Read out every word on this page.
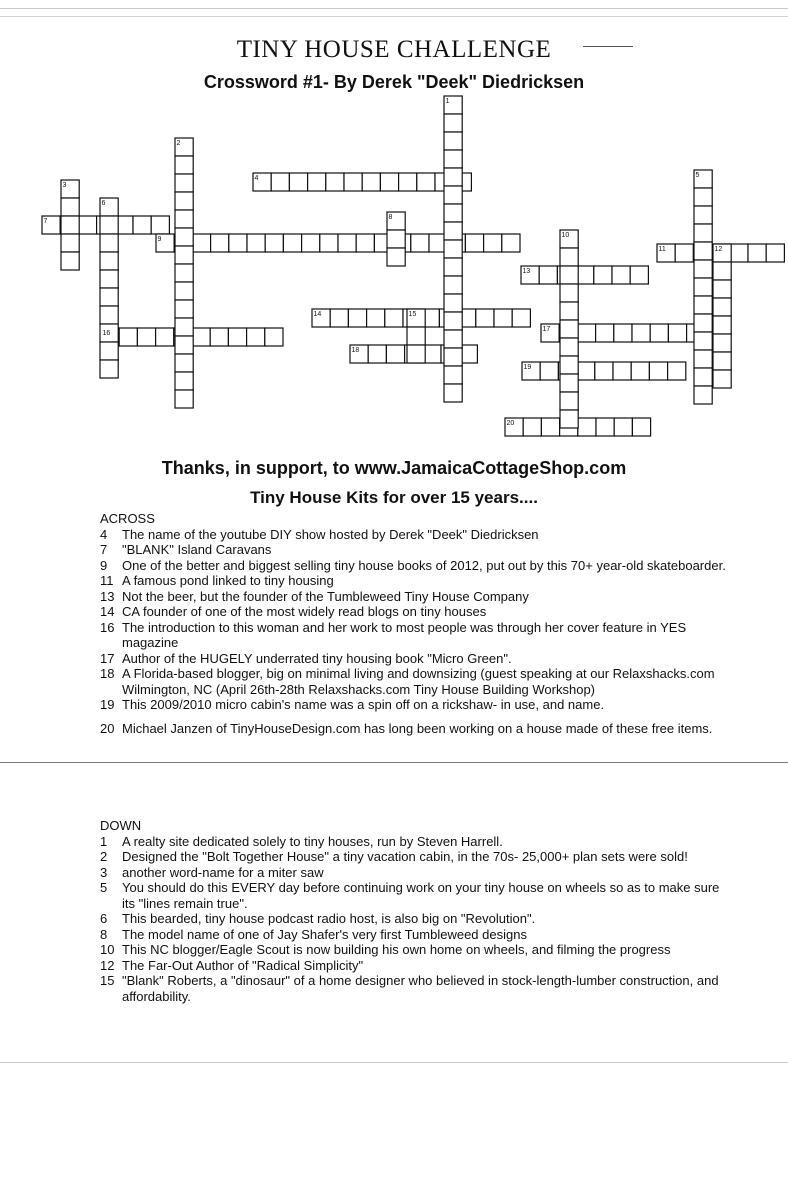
TINY HOUSE CHALLENGE
Crossword #1- By Derek "Deek" Diedricksen
4
7
9
11
13
14
16
17
18
19
20
1
2
3
5
6
8
10
12
15
Thanks, in support, to www.JamaicaCottageShop.com
Tiny House Kits for over 15 years....
ACROSS
4	The name of the youtube DIY show hosted by Derek "Deek" Diedricksen
7	"BLANK" Island Caravans
9	One of the better and biggest selling tiny house books of 2012, put out by this 70+ year-old skateboarder.
11 A famous pond linked to tiny housing
13 Not the beer, but the founder of the Tumbleweed Tiny House Company
14 CA founder of one of the most widely read blogs on tiny houses
16 The introduction to this woman and her work to most people was through her cover feature in YES magazine
17 Author of the HUGELY underrated tiny housing book "Micro Green".
18 A Florida-based blogger, big on minimal living and downsizing (guest speaking at our Relaxshacks.com Wilmington, NC (April 26th-28th Relaxshacks.com Tiny House Building Workshop)
19 This 2009/2010 micro cabin's name was a spin off on a rickshaw- in use, and name.
20 Michael Janzen of TinyHouseDesign.com has long been working on a house made of these free items.
DOWN
1	A realty site dedicated solely to tiny houses, run by Steven Harrell.
2	Designed the "Bolt Together House" a tiny vacation cabin, in the 70s- 25,000+ plan sets were sold!
3	another word-name for a miter saw
5	You should do this EVERY day before continuing work on your tiny house on wheels so as to make sure its "lines remain true".
6	This bearded, tiny house podcast radio host, is also big on "Revolution".
8	The model name of one of Jay Shafer's very first Tumbleweed designs
10 This NC blogger/Eagle Scout is now building his own home on wheels, and filming the progress
12 The Far-Out Author of "Radical Simplicity"
15 "Blank" Roberts, a "dinosaur" of a home designer who believed in stock-length-lumber construction, and affordability.
